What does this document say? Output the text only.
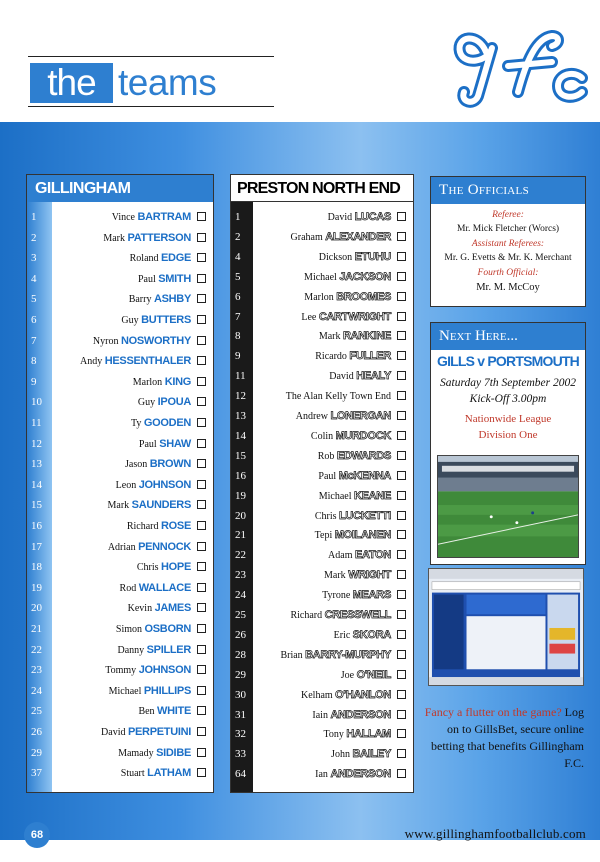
the teams
GILLINGHAM
1	Vince BARTRAM
2	Mark PATTERSON
3	Roland EDGE
4	Paul SMITH
5	Barry ASHBY
6	Guy BUTTERS
7	Nyron NOSWORTHY
8	Andy HESSENTHALER
9	Marlon KING
10	Guy IPOUA
11	Ty GOODEN
12	Paul SHAW
13	Jason BROWN
14	Leon JOHNSON
15	Mark SAUNDERS
16	Richard ROSE
17	Adrian PENNOCK
18	Chris HOPE
19	Rod WALLACE
20	Kevin JAMES
21	Simon OSBORN
22	Danny SPILLER
23	Tommy JOHNSON
24	Michael PHILLIPS
25	Ben WHITE
26	David PERPETUINI
29	Mamady SIDIBE
37	Stuart LATHAM
PRESTON NORTH END
1	David LUCAS
2	Graham ALEXANDER
4	Dickson ETUHU
5	Michael JACKSON
6	Marlon BROOMES
7	Lee CARTWRIGHT
8	Mark RANKINE
9	Ricardo FULLER
11	David HEALY
12	The Alan Kelly Town End
13	Andrew LONERGAN
14	Colin MURDOCK
15	Rob EDWARDS
16	Paul McKENNA
19	Michael KEANE
20	Chris LUCKETTI
21	Tepi MOILANEN
22	Adam EATON
23	Mark WRIGHT
24	Tyrone MEARS
25	Richard CRESSWELL
26	Eric SKORA
28	Brian BARRY-MURPHY
29	Joe O'NEIL
30	Kelham O'HANLON
31	Iain ANDERSON
32	Tony HALLAM
33	John BAILEY
64	Ian ANDERSON
The Officials
Referee:
Mr. Mick Fletcher (Worcs)
Assistant Referees:
Mr. G. Evetts & Mr. K. Merchant
Fourth Official:
Mr. M. McCoy
Next Here...
GILLS v PORTSMOUTH
Saturday 7th September 2002
Kick-Off 3.00pm
Nationwide League
Division One
Fancy a flutter on the game? Log on to GillsBet, secure online betting that benefits Gillingham F.C.
68	www.gillinghamfootballclub.com
